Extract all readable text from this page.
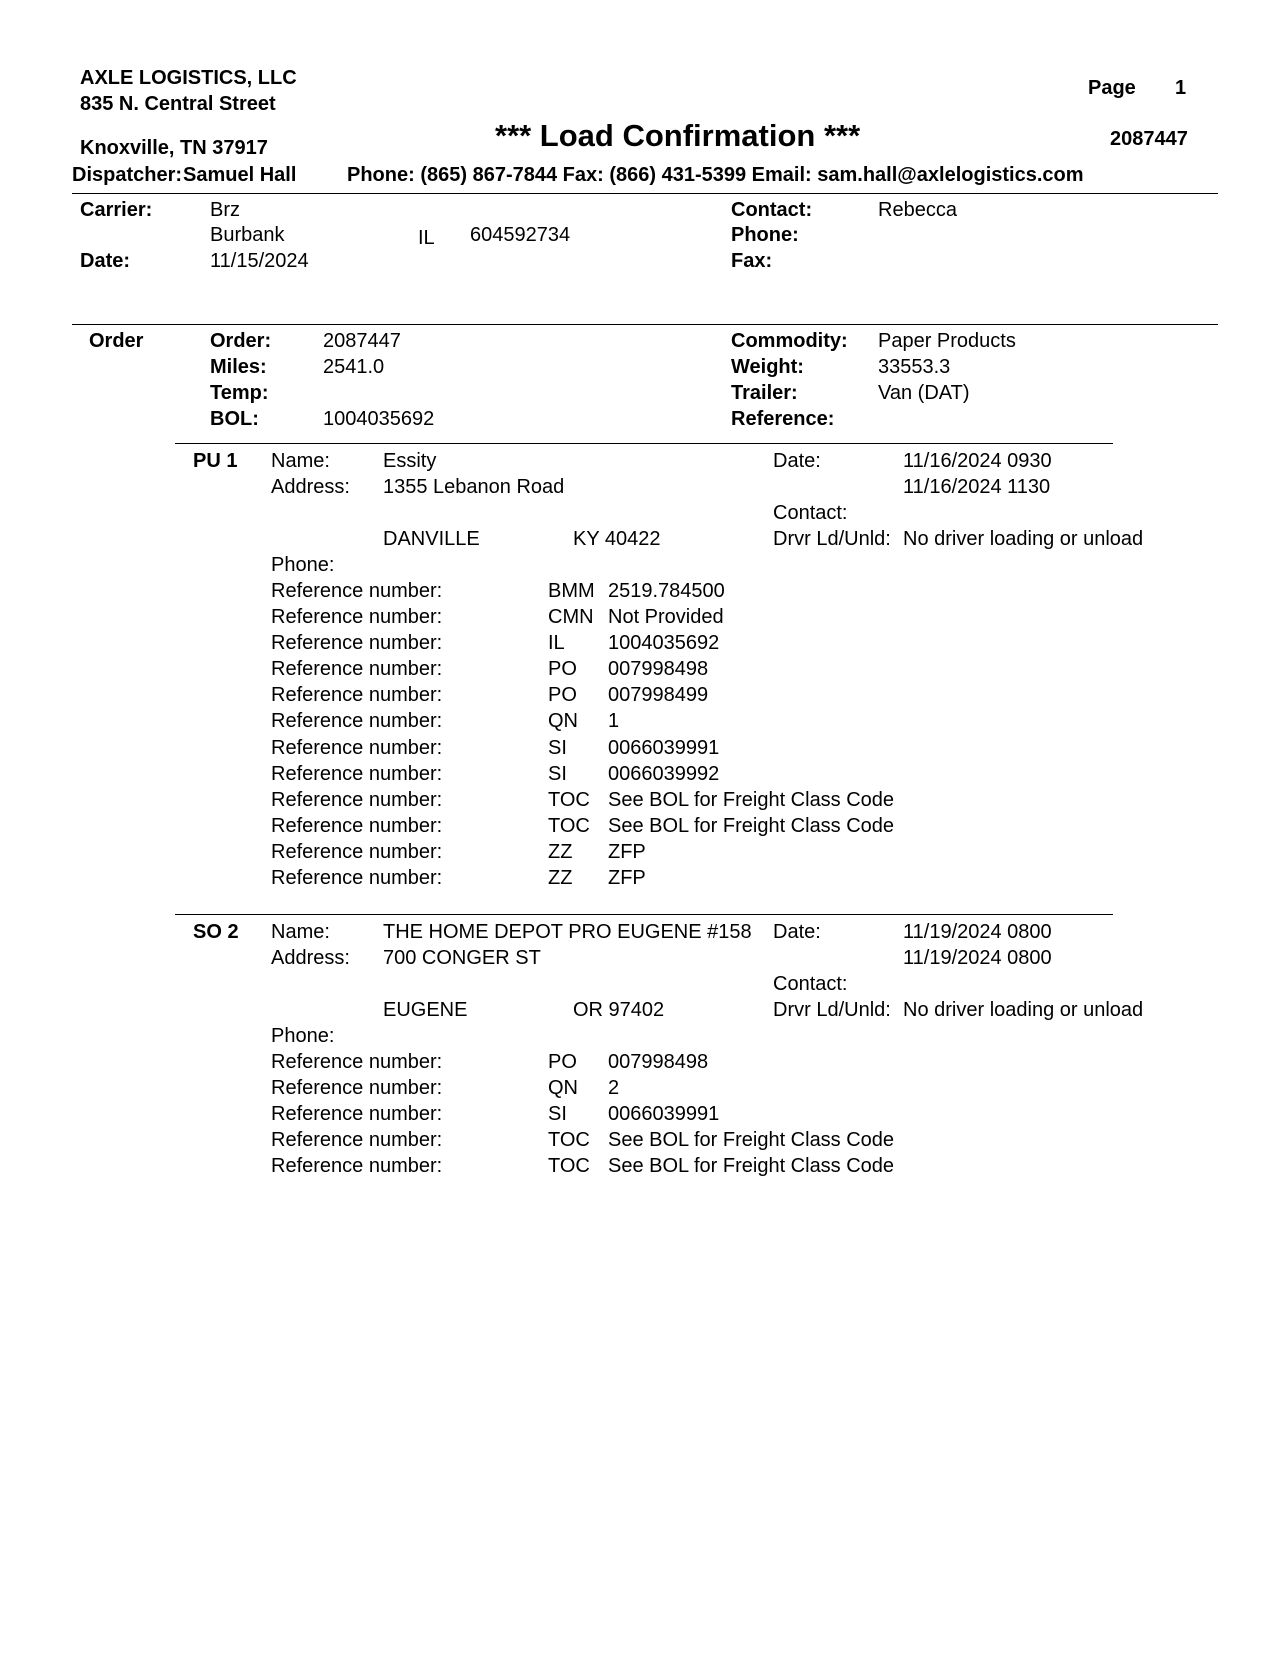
AXLE LOGISTICS, LLC
835 N. Central Street
Knoxville, TN 37917
Page 1
*** Load Confirmation ***	2087447
Dispatcher: Samuel Hall	Phone: (865) 867-7844 Fax: (866) 431-5399 Email: sam.hall@axlelogistics.com
Carrier:	Brz
Burbank	IL 604592734
Date:	11/15/2024
Contact:	Rebecca
Phone:
Fax:
Order	Order:	2087447
Miles:	2541.0
Temp:
BOL:	1004035692
Commodity: Paper Products
Weight:	33553.3
Trailer:	Van (DAT)
Reference:
PU 1 Name:	Essity
Address: 1355 Lebanon Road
DANVILLE	KY 40422
Date:	11/16/2024 0930
11/16/2024 1130
Contact:
Drvr Ld/Unld: No driver loading or unload
Phone:
Reference number:	BMM 2519.784500
Reference number:	CMN Not Provided
Reference number:	IL 1004035692
Reference number:	PO 007998498
Reference number:	PO 007998499
Reference number:	QN 1
Reference number:	SI 0066039991
Reference number:	SI 0066039992
Reference number:	TOC See BOL for Freight Class Code
Reference number:	TOC See BOL for Freight Class Code
Reference number:	ZZ ZFP
Reference number:	ZZ ZFP
SO 2 Name:	THE HOME DEPOT PRO EUGENE #158
Address: 700 CONGER ST
EUGENE	OR 97402
Date:	11/19/2024 0800
11/19/2024 0800
Contact:
Drvr Ld/Unld: No driver loading or unload
Phone:
Reference number:	PO 007998498
Reference number:	QN 2
Reference number:	SI 0066039991
Reference number:	TOC See BOL for Freight Class Code
Reference number:	TOC See BOL for Freight Class Code
